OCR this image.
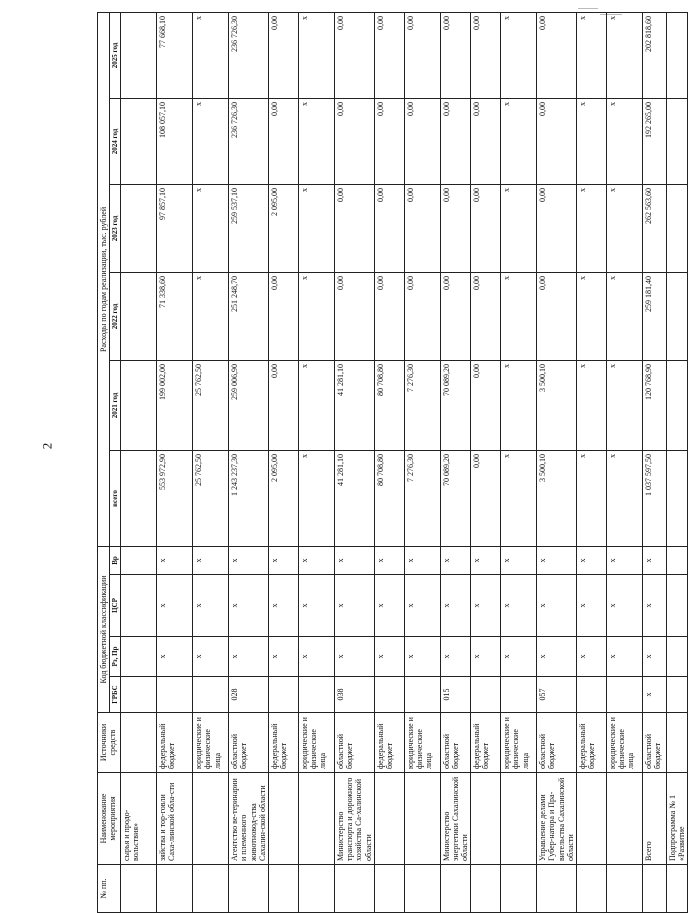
2
№ пп.	Наименование мероприятия	Источники средств	Код бюджетной классификации				Расходы по годам реализации, тыс. рублей					
			ГРБС	Рз, Пр	ЦСР	Вр	всего	2021 год	2022 год	2023 год	2024 год	2025 год
	сырья и продо-вольствия»											
	зяйства и тор-говли Саха-линской обла-сти	федеральный бюджет		х	х	х	553 972,90	199 002,00	71 338,60	97 857,10	108 057,10	77 668,10
		юридические и физические лица		х	х	х	25 762,50	25 762,50	х	х	х	х
	Агентство ве-теринарии и племенного животновод-ства Сахалин-ской области	областной бюджет	028	х	х	х	1 243 237,30	259 006,90	251 248,70	259 537,10	236 726,30	236 726,30
		федеральный бюджет		х	х	х	2 095,00	0,00	0,00	2 095,00	0,00	0,00
		юридические и физические лица		х	х	х	х	х	х	х	х	х
	Министерство транспорта и дорожного хозяйства Са-халинской области	областной бюджет	038	х	х	х	41 281,10	41 281,10	0,00	0,00	0,00	0,00
		федеральный бюджет		х	х	х	80 708,80	80 708,80	0,00	0,00	0,00	0,00
		юридические и физические лица		х	х	х	7 276,30	7 276,30	0,00	0,00	0,00	0,00
	Министерство энергетики Сахалинской области	областной бюджет	015	х	х	х	70 089,20	70 089,20	0,00	0,00	0,00	0,00
		федеральный бюджет		х	х	х	0,00	0,00	0,00	0,00	0,00	0,00
		юридические и физические лица		х	х	х	х	х	х	х	х	х
	Управление делами Губер-натора и Пра-вительства Сахалинской области	областной бюджет	057	х	х	х	3 500,10	3 500,10	0,00	0,00	0,00	0,00
		федеральный бюджет		х	х	х	х	х	х	х	х	х
		юридические и физические лица		х	х	х	х	х	х	х	х	х
	Всего	областной бюджет	х	х	х	х	1 037 597,50	120 768,90	259 181,40	262 563,60	192 265,00	202 818,60
	Подпрограмма № 1 «Развитие											
